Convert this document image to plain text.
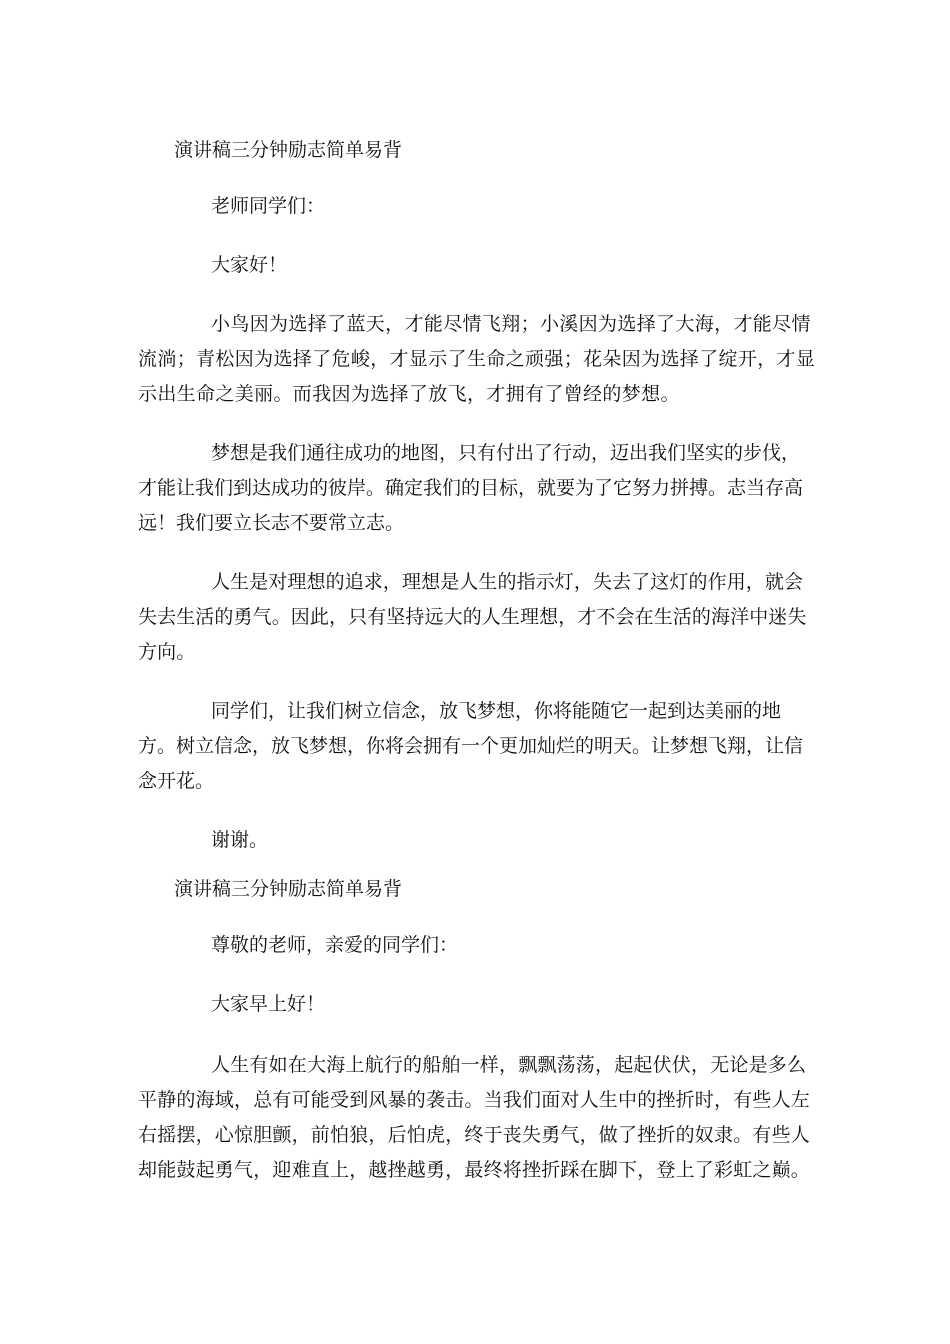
演讲稿三分钟励志简单易背

老师同学们：

大家好！

小鸟因为选择了蓝天，才能尽情飞翔；小溪因为选择了大海，才能尽情流淌；青松因为选择了危峻，才显示了生命之顽强；花朵因为选择了绽开，才显示出生命之美丽。而我因为选择了放飞，才拥有了曾经的梦想。

梦想是我们通往成功的地图，只有付出了行动，迈出我们坚实的步伐，才能让我们到达成功的彼岸。确定我们的目标，就要为了它努力拼搏。志当存高远！我们要立长志不要常立志。

人生是对理想的追求，理想是人生的指示灯，失去了这灯的作用，就会失去生活的勇气。因此，只有坚持远大的人生理想，才不会在生活的海洋中迷失方向。

同学们，让我们树立信念，放飞梦想，你将能随它一起到达美丽的地方。树立信念，放飞梦想，你将会拥有一个更加灿烂的明天。让梦想飞翔，让信念开花。

谢谢。

演讲稿三分钟励志简单易背

尊敬的老师，亲爱的同学们：

大家早上好！

人生有如在大海上航行的船舶一样，飘飘荡荡，起起伏伏，无论是多么平静的海域，总有可能受到风暴的袭击。当我们面对人生中的挫折时，有些人左右摇摆，心惊胆颤，前怕狼，后怕虎，终于丧失勇气，做了挫折的奴隶。有些人却能鼓起勇气，迎难直上，越挫越勇，最终将挫折踩在脚下，登上了彩虹之巅。
